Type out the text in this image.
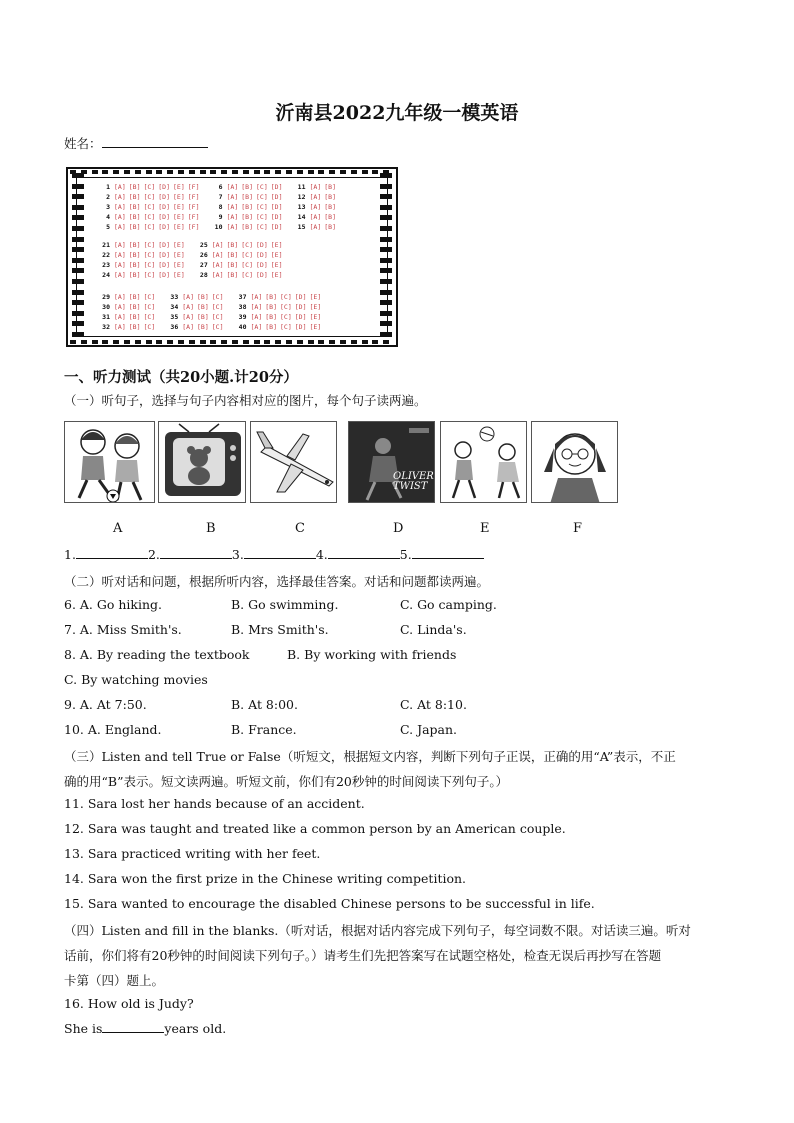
沂南县2022九年级一模英语
姓名：
1 [A] [B] [C] [D] [E] [F]	6 [A] [B] [C] [D] 11 [A] [B]
2 [A] [B] [C] [D] [E] [F]	7 [A] [B] [C] [D] 12 [A] [B]
3 [A] [B] [C] [D] [E] [F]	8 [A] [B] [C] [D] 13 [A] [B]
4 [A] [B] [C] [D] [E] [F]	9 [A] [B] [C] [D] 14 [A] [B]
5 [A] [B] [C] [D] [E] [F] 10 [A] [B] [C] [D] 15 [A] [B]
21 [A] [B] [C] [D] [E] 25 [A] [B] [C] [D] [E]
22 [A] [B] [C] [D] [E] 26 [A] [B] [C] [D] [E]
23 [A] [B] [C] [D] [E] 27 [A] [B] [C] [D] [E]
24 [A] [B] [C] [D] [E] 28 [A] [B] [C] [D] [E]
29 [A] [B] [C] 33 [A] [B] [C] 37 [A] [B] [C] [D] [E]
30 [A] [B] [C] 34 [A] [B] [C] 38 [A] [B] [C] [D] [E]
31 [A] [B] [C] 35 [A] [B] [C] 39 [A] [B] [C] [D] [E]
32 [A] [B] [C] 36 [A] [B] [C] 40 [A] [B] [C] [D] [E]
一、听力测试（共20小题.计20分）
（一）听句子，选择与句子内容相对应的图片，每个句子读两遍。
OLIVER
TWIST
A	B	C	D	E	F
1.	2.	3.	4.	5.
（二）听对话和问题，根据所听内容，选择最佳答案。对话和问题都读两遍。
6. A. Go hiking.	B. Go swimming.	C. Go camping.
7. A. Miss Smith's.	B. Mrs Smith's.	C. Linda's.
8. A. By reading the textbook	B. By working with friends
C. By watching movies
9. A. At 7:50.	B. At 8:00.	C. At 8:10.
10. A. England.	B. France.	C. Japan.
（三）Listen and tell True or False（听短文，根据短文内容，判断下列句子正误，正确的用“A”表示，不正
确的用“B”表示。短文读两遍。听短文前，你们有20秒钟的时间阅读下列句子。）
11. Sara lost her hands because of an accident.
12. Sara was taught and treated like a common person by an American couple.
13. Sara practiced writing with her feet.
14. Sara won the first prize in the Chinese writing competition.
15. Sara wanted to encourage the disabled Chinese persons to be successful in life.
（四）Listen and fill in the blanks.（听对话，根据对话内容完成下列句子，每空词数不限。对话读三遍。听对
话前，你们将有20秒钟的时间阅读下列句子。）请考生们先把答案写在试题空格处，检查无误后再抄写在答题
卡第（四）题上。
16. How old is Judy?
She is	years old.
